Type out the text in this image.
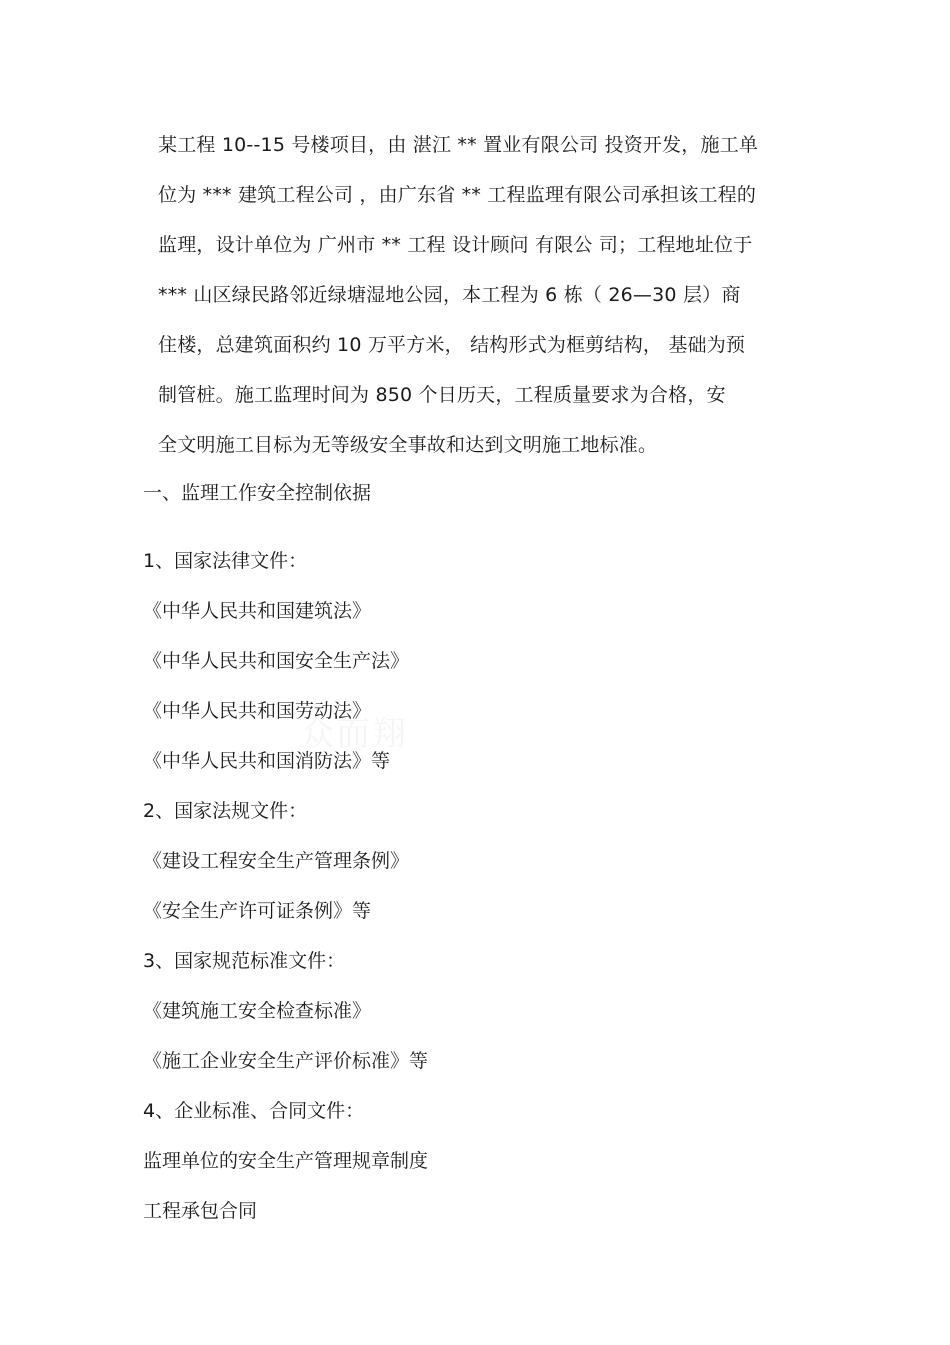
众而翔
某工程 10--15 号楼项目，由 湛江 ** 置业有限公司 投资开发，施工单
位为 *** 建筑工程公司 ，由广东省 ** 工程监理有限公司承担该工程的
监理，设计单位为 广州市 ** 工程 设计顾问 有限公 司；工程地址位于
*** 山区绿民路邻近绿塘湿地公园，本工程为 6 栋（ 26—30 层）商
住楼，总建筑面积约 10 万平方米， 结构形式为框剪结构， 基础为预
制管桩。施工监理时间为 850 个日历天，工程质量要求为合格，安
全文明施工目标为无等级安全事故和达到文明施工地标准。
一、监理工作安全控制依据
1、国家法律文件：
《中华人民共和国建筑法》
《中华人民共和国安全生产法》
《中华人民共和国劳动法》
《中华人民共和国消防法》等
2、国家法规文件：
《建设工程安全生产管理条例》
《安全生产许可证条例》等
3、国家规范标准文件：
《建筑施工安全检查标准》
《施工企业安全生产评价标准》等
4、企业标准、合同文件：
监理单位的安全生产管理规章制度
工程承包合同
